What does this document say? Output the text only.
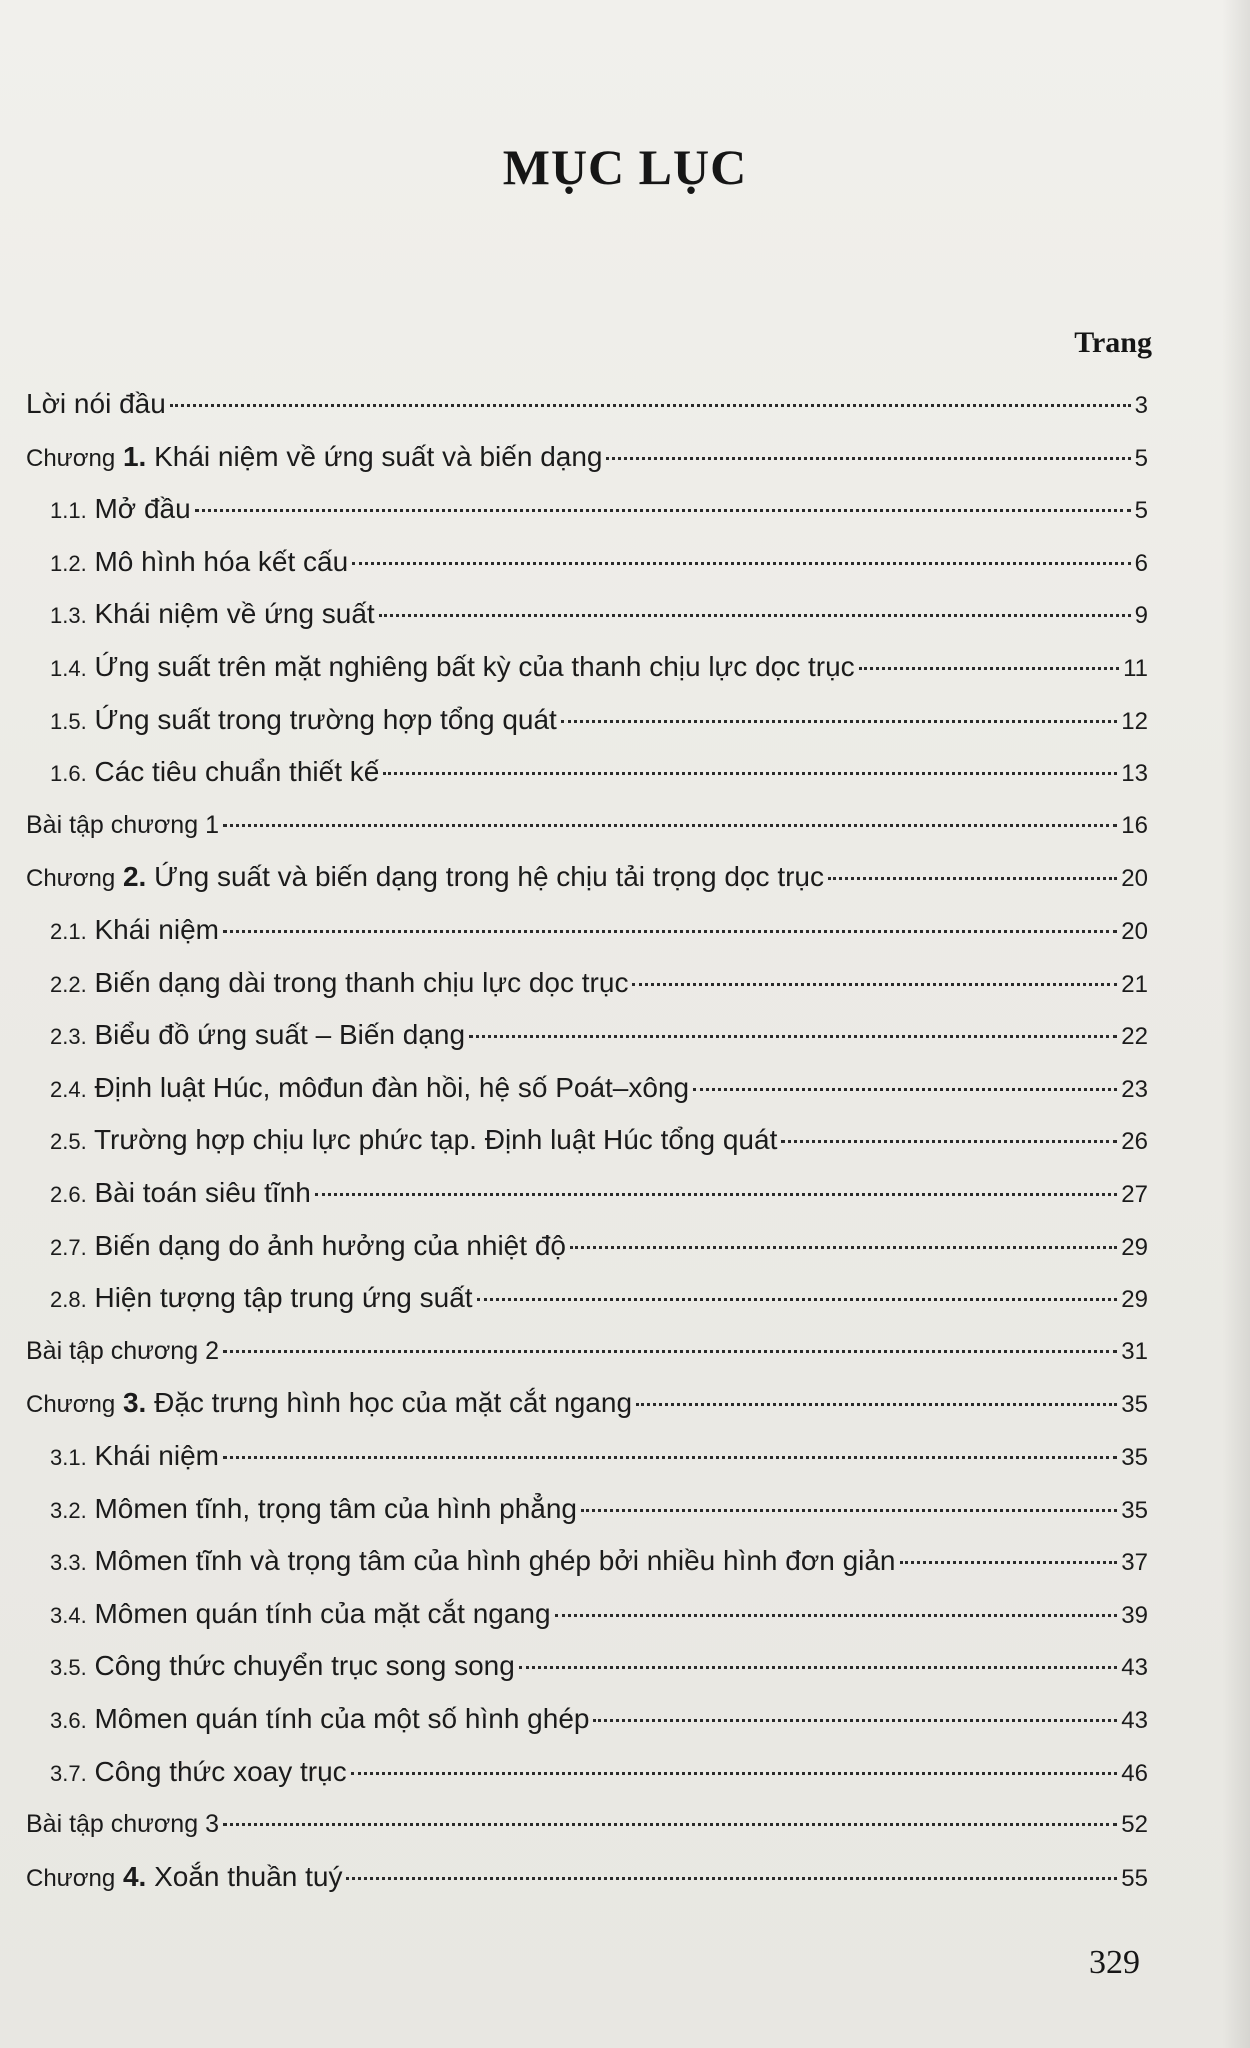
MỤC LỤC
Trang
Lời nói đầu	3
Chương 1. Khái niệm về ứng suất và biến dạng	5
1.1. Mở đầu	5
1.2. Mô hình hóa kết cấu	6
1.3. Khái niệm về ứng suất	9
1.4. Ứng suất trên mặt nghiêng bất kỳ của thanh chịu lực dọc trục	11
1.5. Ứng suất trong trường hợp tổng quát	12
1.6. Các tiêu chuẩn thiết kế	13
Bài tập chương 1	16
Chương 2. Ứng suất và biến dạng trong hệ chịu tải trọng dọc trục	20
2.1. Khái niệm	20
2.2. Biến dạng dài trong thanh chịu lực dọc trục	21
2.3. Biểu đồ ứng suất – Biến dạng	22
2.4. Định luật Húc, môđun đàn hồi, hệ số Poát–xông	23
2.5. Trường hợp chịu lực phức tạp. Định luật Húc tổng quát	26
2.6. Bài toán siêu tĩnh	27
2.7. Biến dạng do ảnh hưởng của nhiệt độ	29
2.8. Hiện tượng tập trung ứng suất	29
Bài tập chương 2	31
Chương 3. Đặc trưng hình học của mặt cắt ngang	35
3.1. Khái niệm	35
3.2. Mômen tĩnh, trọng tâm của hình phẳng	35
3.3. Mômen tĩnh và trọng tâm của hình ghép bởi nhiều hình đơn giản	37
3.4. Mômen quán tính của mặt cắt ngang	39
3.5. Công thức chuyển trục song song	43
3.6. Mômen quán tính của một số hình ghép	43
3.7. Công thức xoay trục	46
Bài tập chương 3	52
Chương 4. Xoắn thuần tuý	55
329
